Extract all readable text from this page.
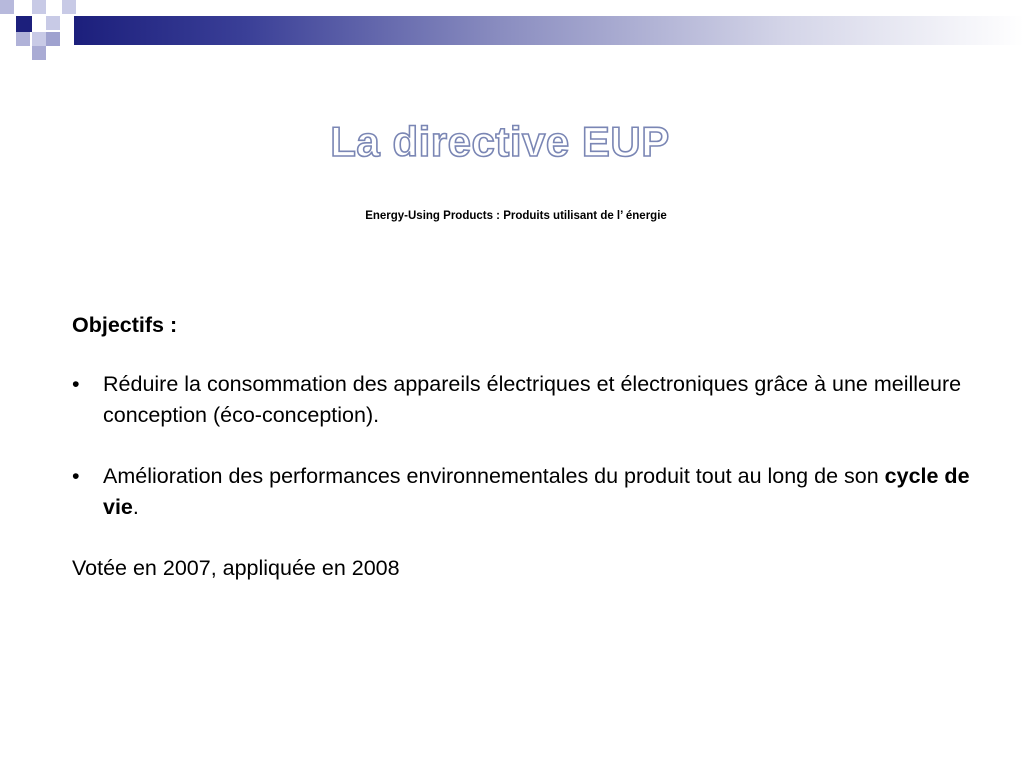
La directive EUP
Energy-Using Products : Produits utilisant de l’ énergie
Objectifs :
• Réduire la consommation des appareils électriques et électroniques grâce à une meilleure conception (éco-conception).
• Amélioration des performances environnementales du produit tout au long de son cycle de vie.
Votée en 2007, appliquée en 2008
